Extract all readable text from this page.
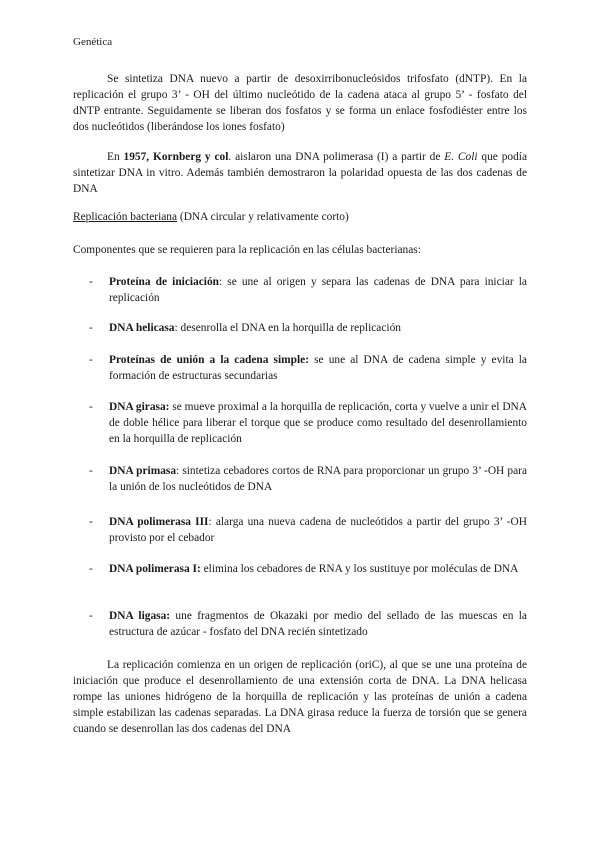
Genética

Se sintetiza DNA nuevo a partir de desoxirribonucleósidos trifosfato (dNTP). En la replicación el grupo 3’ - OH del último nucleótido de la cadena ataca al grupo 5’ - fosfato del dNTP entrante. Seguidamente se liberan dos fosfatos y se forma un enlace fosfodiéster entre los dos nucleótidos (liberándose los iones fosfato)

En 1957, Kornberg y col. aislaron una DNA polimerasa (I) a partir de E. Coli que podía sintetizar DNA in vitro. Además también demostraron la polaridad opuesta de las dos cadenas de DNA

Replicación bacteriana (DNA circular y relativamente corto)
Componentes que se requieren para la replicación en las células bacterianas:
- Proteína de iniciación: se une al origen y separa las cadenas de DNA para iniciar la replicación
- DNA helicasa: desenrolla el DNA en la horquilla de replicación
- Proteínas de unión a la cadena simple: se une al DNA de cadena simple y evita la formación de estructuras secundarias
- DNA girasa: se mueve proximal a la horquilla de replicación, corta y vuelve a unir el DNA de doble hélice para liberar el torque que se produce como resultado del desenrollamiento en la horquilla de replicación
- DNA primasa: sintetiza cebadores cortos de RNA para proporcionar un grupo 3’ -OH para la unión de los nucleótidos de DNA
- DNA polimerasa III: alarga una nueva cadena de nucleótidos a partir del grupo 3’ -OH provisto por el cebador
- DNA polimerasa I: elimina los cebadores de RNA y los sustituye por moléculas de DNA
- DNA ligasa: une fragmentos de Okazaki por medio del sellado de las muescas en la estructura de azúcar - fosfato del DNA recién sintetizado

La replicación comienza en un origen de replicación (oriC), al que se une una proteína de iniciación que produce el desenrollamiento de una extensión corta de DNA. La DNA helicasa rompe las uniones hidrógeno de la horquilla de replicación y las proteínas de unión a cadena simple estabilizan las cadenas separadas. La DNA girasa reduce la fuerza de torsión que se genera cuando se desenrollan las dos cadenas del DNA
